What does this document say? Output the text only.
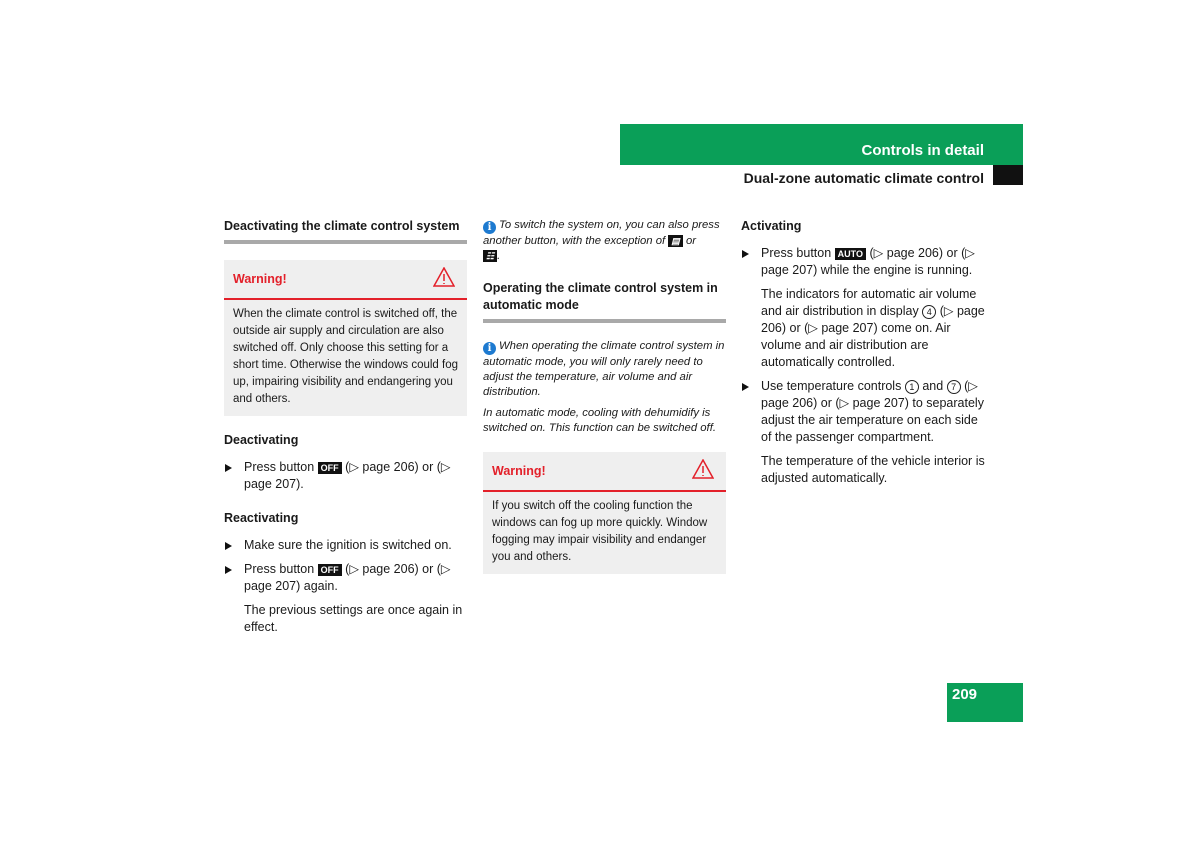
Controls in detail
Dual-zone automatic climate control
Deactivating the climate control system
Warning!
When the climate control is switched off, the outside air supply and circulation are also switched off. Only choose this setting for a short time. Otherwise the windows could fog up, impairing visibility and endangering you and others.
Deactivating
Press button OFF (▷ page 206) or (▷ page 207).
Reactivating
Make sure the ignition is switched on.
Press button OFF (▷ page 206) or (▷ page 207) again.
The previous settings are once again in effect.
i To switch the system on, you can also press another button, with the exception of ▤ or
☷ .
Operating the climate control system in automatic mode
i When operating the climate control system in automatic mode, you will only rarely need to adjust the temperature, air volume and air distribution.
In automatic mode, cooling with dehumidify is switched on. This function can be switched off.
Warning!
If you switch off the cooling function the windows can fog up more quickly. Window fogging may impair visibility and endanger you and others.
Activating
Press button AUTO (▷ page 206) or (▷ page 207) while the engine is running.
The indicators for automatic air volume and air distribution in display 4 (▷ page 206) or (▷ page 207) come on. Air volume and air distribution are automatically controlled.
Use temperature controls 1 and 7 (▷ page 206) or (▷ page 207) to separately adjust the air temperature on each side of the passenger compartment.
The temperature of the vehicle interior is adjusted automatically.
209
